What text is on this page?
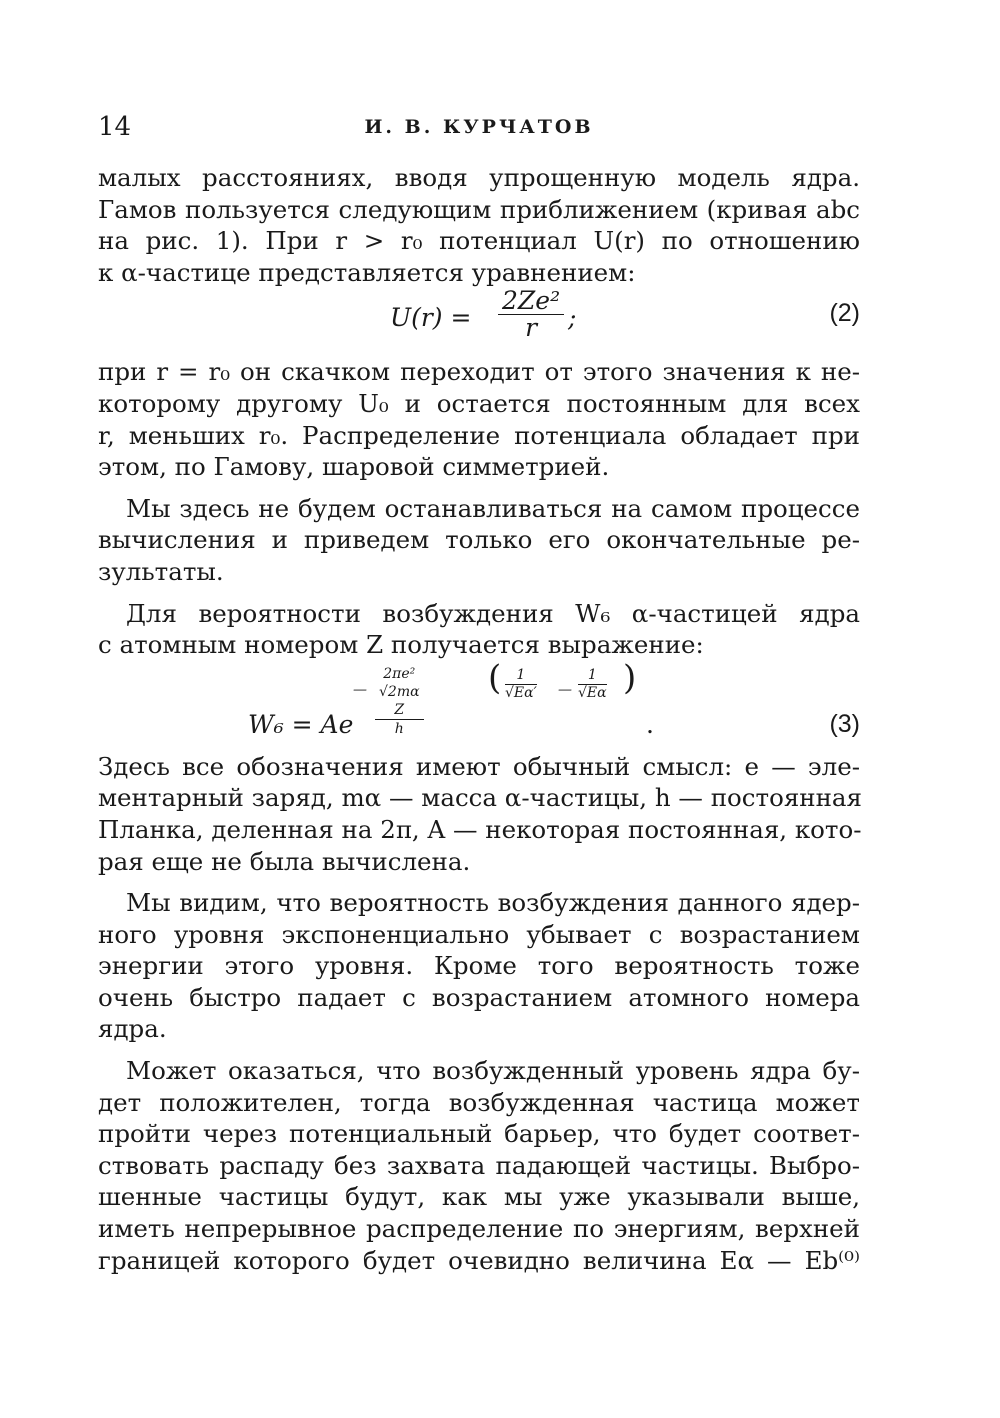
14	И. В. КУРЧАТОВ
малых расстояниях, вводя упрощенную модель ядра.
Гамов пользуется следующим приближением (кривая abc
на рис. 1). При r > r₀ потенциал U(r) по отношению
к α-частице представляется уравнением:
$U(r) = \frac{\text{2Ze²}}{r}$ ;	(2)
при r = r₀ он скачком переходит от этого значения к не-
которому другому U₀ и остается постоянным для всех
r, меньших r₀. Распределение потенциала обладает при
этом, по Гамову, шаровой симметрией.
Мы здесь не будем останавливаться на самом процессе
вычисления и приведем только его окончательные ре-
зультаты.
Для вероятности возбуждения W₆ α-частицей ядра
с атомным номером Z получается выражение:
W₆ = Ae
— $\frac{\text{2πe² √2mα Z}}{h}$ ( $\frac{1}{√E\alpha'}$ — $\frac{1}{√E\alpha}$ )
.	(3)
Здесь все обозначения имеют обычный смысл: e — эле-
ментарный заряд, mα — масса α-частицы, h — постоянная
Планка, деленная на 2π, A — некоторая постоянная, кото-
рая еще не была вычислена.
Мы видим, что вероятность возбуждения данного ядер-
ного уровня экспоненциально убывает с возрастанием
энергии этого уровня. Кроме того вероятность тоже
очень быстро падает с возрастанием атомного номера
ядра.
Может оказаться, что возбужденный уровень ядра бу-
дет положителен, тогда возбужденная частица может
пройти через потенциальный барьер, что будет соответ-
ствовать распаду без захвата падающей частицы. Выбро-
шенные частицы будут, как мы уже указывали выше,
иметь непрерывное распределение по энергиям, верхней
границей которого будет очевидно величина Eα — Eb⁽⁰⁾
